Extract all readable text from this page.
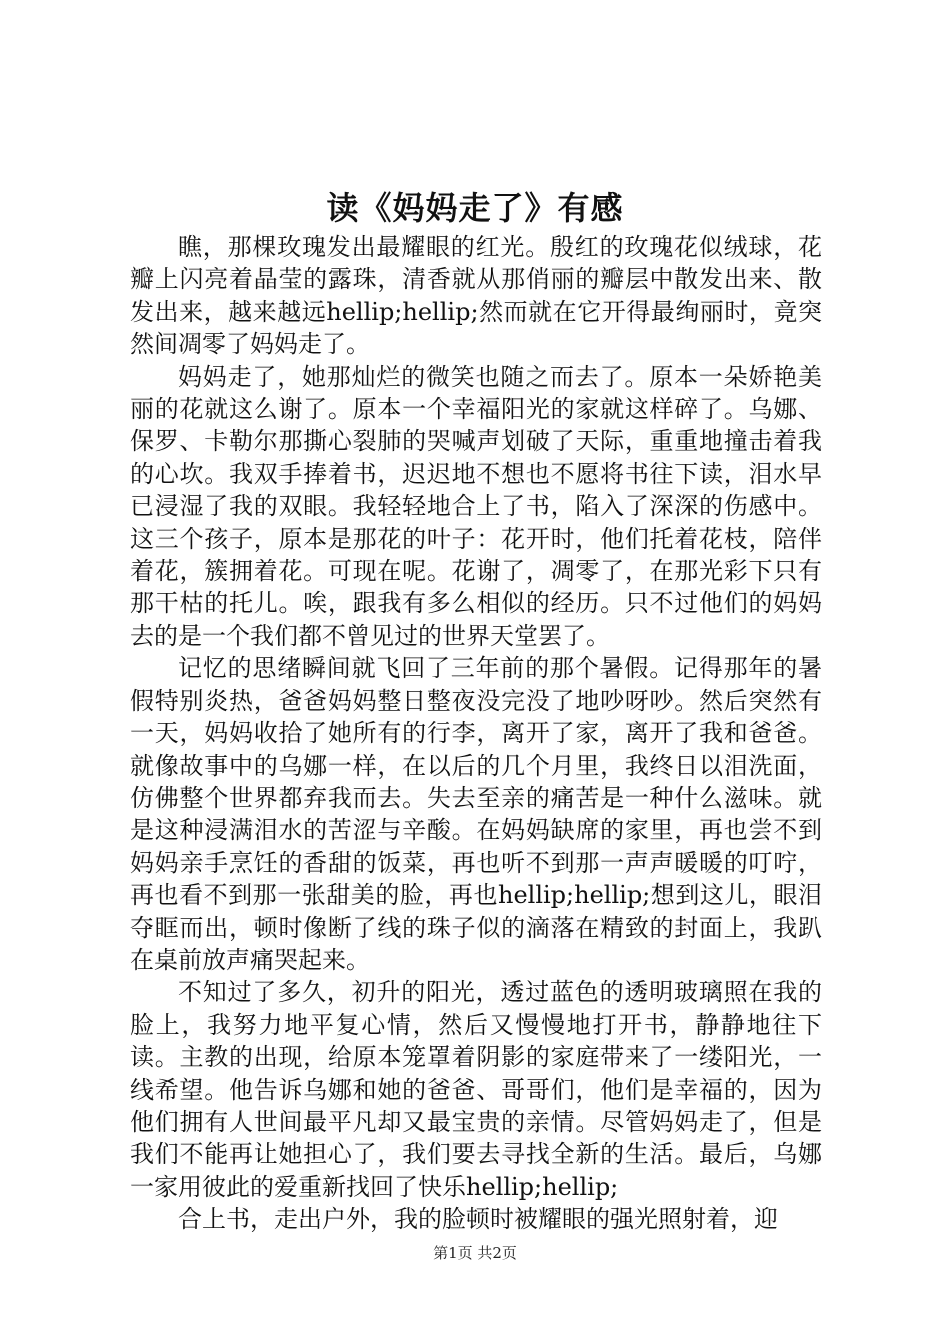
读《妈妈走了》有感

瞧，那棵玫瑰发出最耀眼的红光。殷红的玫瑰花似绒球，花瓣上闪亮着晶莹的露珠，清香就从那俏丽的瓣层中散发出来、散发出来，越来越远hellip;hellip;然而就在它开得最绚丽时，竟突然间凋零了妈妈走了。

妈妈走了，她那灿烂的微笑也随之而去了。原本一朵娇艳美丽的花就这么谢了。原本一个幸福阳光的家就这样碎了。乌娜、保罗、卡勒尔那撕心裂肺的哭喊声划破了天际，重重地撞击着我的心坎。我双手捧着书，迟迟地不想也不愿将书往下读，泪水早已浸湿了我的双眼。我轻轻地合上了书，陷入了深深的伤感中。这三个孩子，原本是那花的叶子：花开时，他们托着花枝，陪伴着花，簇拥着花。可现在呢。花谢了，凋零了，在那光彩下只有那干枯的托儿。唉，跟我有多么相似的经历。只不过他们的妈妈去的是一个我们都不曾见过的世界天堂罢了。

记忆的思绪瞬间就飞回了三年前的那个暑假。记得那年的暑假特别炎热，爸爸妈妈整日整夜没完没了地吵呀吵。然后突然有一天，妈妈收拾了她所有的行李，离开了家，离开了我和爸爸。就像故事中的乌娜一样，在以后的几个月里，我终日以泪洗面，仿佛整个世界都弃我而去。失去至亲的痛苦是一种什么滋味。就是这种浸满泪水的苦涩与辛酸。在妈妈缺席的家里，再也尝不到妈妈亲手烹饪的香甜的饭菜，再也听不到那一声声暖暖的叮咛，再也看不到那一张甜美的脸，再也hellip;hellip;想到这儿，眼泪夺眶而出，顿时像断了线的珠子似的滴落在精致的封面上，我趴在桌前放声痛哭起来。

不知过了多久，初升的阳光，透过蓝色的透明玻璃照在我的脸上，我努力地平复心情，然后又慢慢地打开书，静静地往下读。主教的出现，给原本笼罩着阴影的家庭带来了一缕阳光，一线希望。他告诉乌娜和她的爸爸、哥哥们，他们是幸福的，因为他们拥有人世间最平凡却又最宝贵的亲情。尽管妈妈走了，但是我们不能再让她担心了，我们要去寻找全新的生活。最后，乌娜一家用彼此的爱重新找回了快乐hellip;hellip;

合上书，走出户外，我的脸顿时被耀眼的强光照射着，迎

第1页 共2页
